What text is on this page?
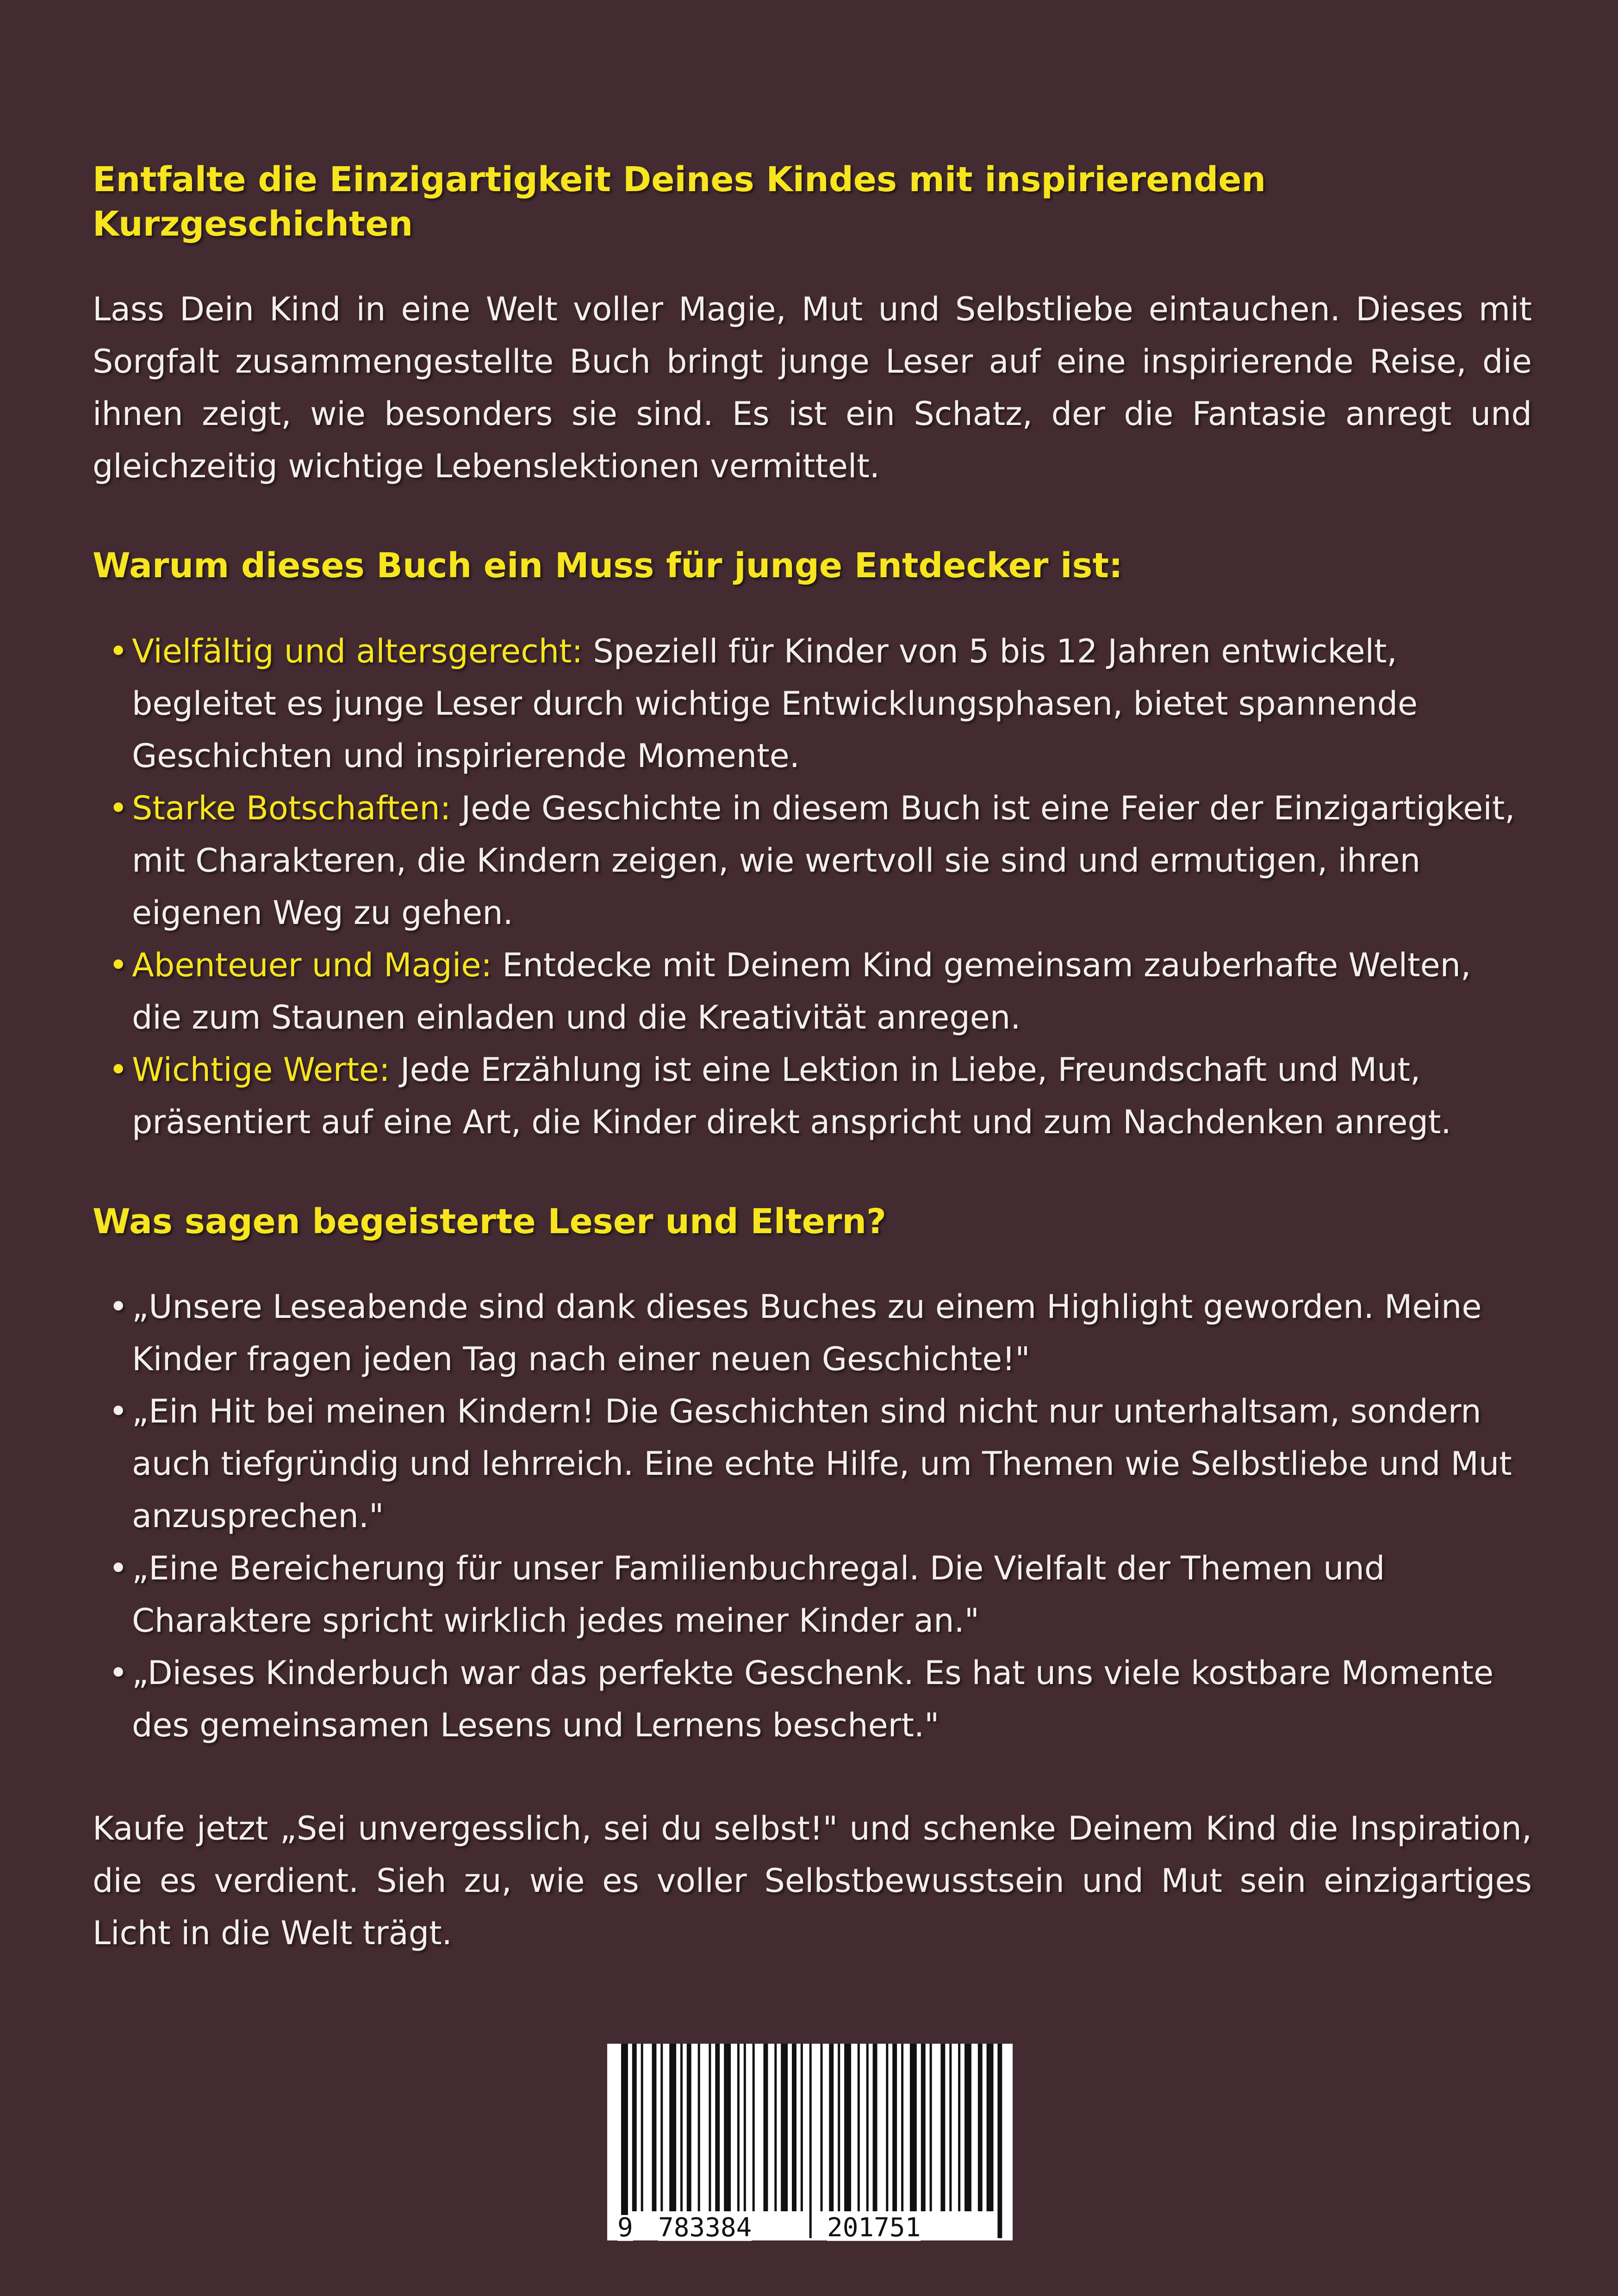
Entfalte die Einzigartigkeit Deines Kindes mit inspirierenden Kurzgeschichten

Lass Dein Kind in eine Welt voller Magie, Mut und Selbstliebe eintauchen. Dieses mit Sorgfalt zusammengestellte Buch bringt junge Leser auf eine inspirierende Reise, die ihnen zeigt, wie besonders sie sind. Es ist ein Schatz, der die Fantasie anregt und gleichzeitig wichtige Lebenslektionen vermittelt.

Warum dieses Buch ein Muss für junge Entdecker ist:
• Vielfältig und altersgerecht: Speziell für Kinder von 5 bis 12 Jahren entwickelt, begleitet es junge Leser durch wichtige Entwicklungsphasen, bietet spannende Geschichten und inspirierende Momente.
• Starke Botschaften: Jede Geschichte in diesem Buch ist eine Feier der Einzigartigkeit, mit Charakteren, die Kindern zeigen, wie wertvoll sie sind und ermutigen, ihren eigenen Weg zu gehen.
• Abenteuer und Magie: Entdecke mit Deinem Kind gemeinsam zauberhafte Welten, die zum Staunen einladen und die Kreativität anregen.
• Wichtige Werte: Jede Erzählung ist eine Lektion in Liebe, Freundschaft und Mut, präsentiert auf eine Art, die Kinder direkt anspricht und zum Nachdenken anregt.
Was sagen begeisterte Leser und Eltern?
• „Unsere Leseabende sind dank dieses Buches zu einem Highlight geworden. Meine Kinder fragen jeden Tag nach einer neuen Geschichte!"
• „Ein Hit bei meinen Kindern! Die Geschichten sind nicht nur unterhaltsam, sondern auch tiefgründig und lehrreich. Eine echte Hilfe, um Themen wie Selbstliebe und Mut anzusprechen."
• „Eine Bereicherung für unser Familienbuchregal. Die Vielfalt der Themen und Charaktere spricht wirklich jedes meiner Kinder an."
• „Dieses Kinderbuch war das perfekte Geschenk. Es hat uns viele kostbare Momente des gemeinsamen Lesens und Lernens beschert."

Kaufe jetzt „Sei unvergesslich, sei du selbst!" und schenke Deinem Kind die Inspiration, die es verdient. Sieh zu, wie es voller Selbstbewusstsein und Mut sein einzigartiges Licht in die Welt trägt.

9 783384	201751
